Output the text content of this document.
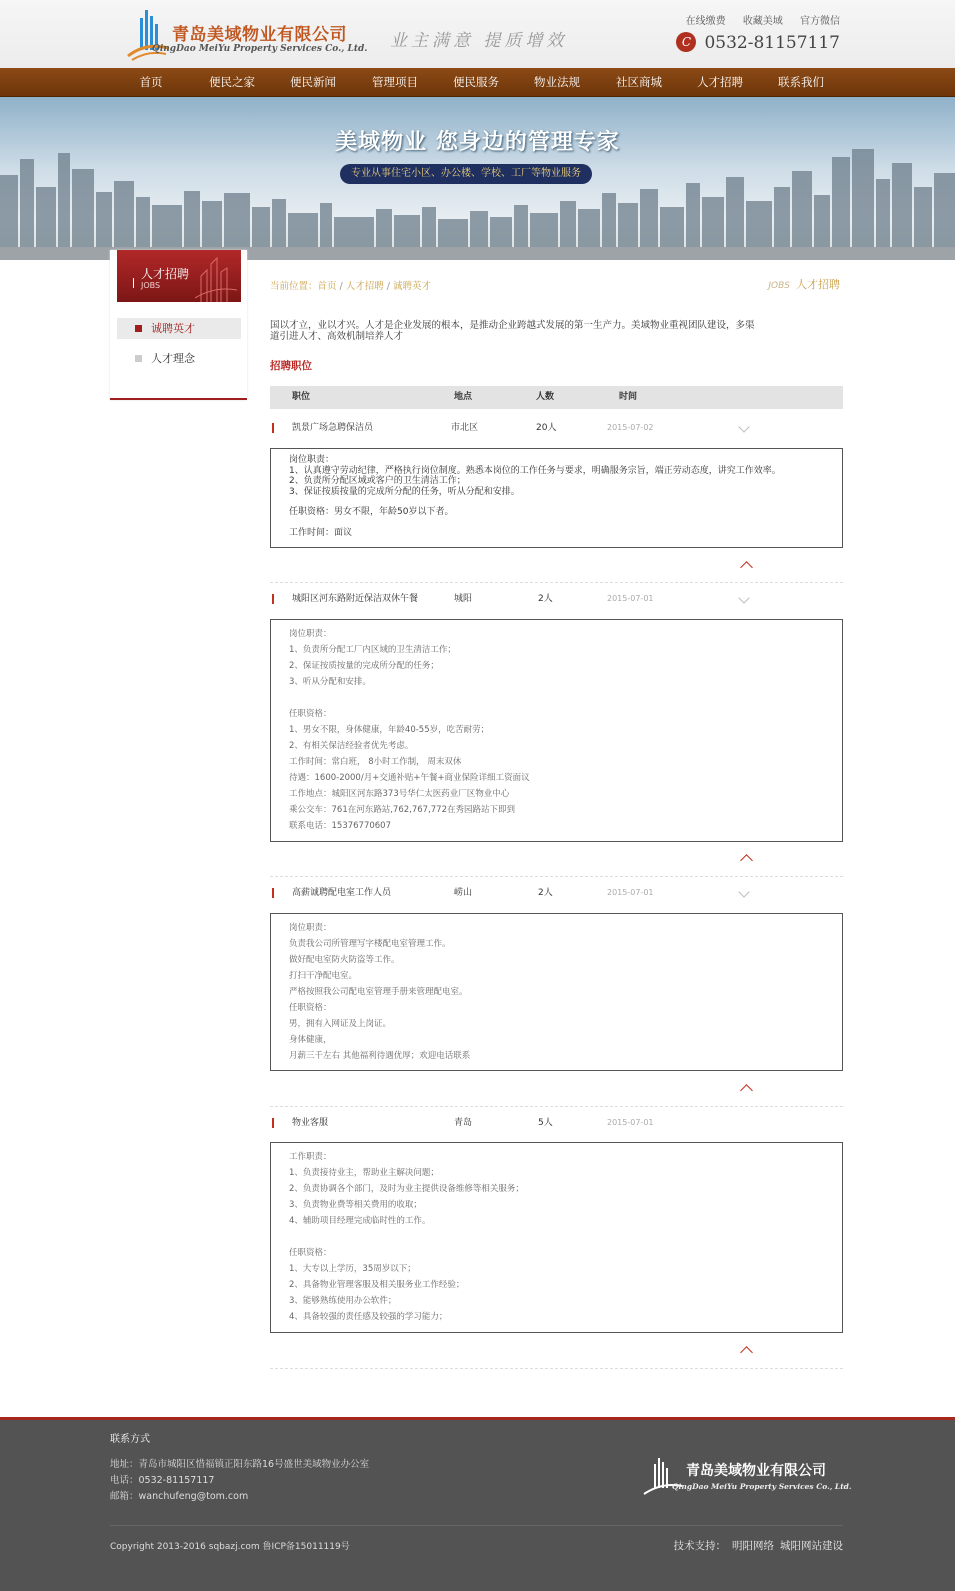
青岛美域物业有限公司
QingDao MeiYu Property Services Co., Ltd. 业主满意 提质增效
在线缴费 收藏美域 官方微信
C 0532-81157117
首页	便民之家	便民新闻	管理项目	便民服务	物业法规	社区商城	人才招聘	联系我们
美域物业 您身边的管理专家
专业从事住宅小区、办公楼、学校、工厂等物业服务
人才招聘
JOBS
诚聘英才
人才理念
当前位置：首页 / 人才招聘 / 诚聘英才	JOBS 人才招聘
国以才立，业以才兴。人才是企业发展的根本，是推动企业跨越式发展的第一生产力。美域物业重视团队建设，多渠道引进人才、高效机制培养人才
招聘职位
职位	地点	人数	时间
凯景广场急聘保洁员	市北区	20人	2015-07-02

岗位职责：

1、认真遵守劳动纪律，严格执行岗位制度。熟悉本岗位的工作任务与要求，明确服务宗旨，端正劳动态度，讲究工作效率。

2、负责所分配区域或客户的卫生清洁工作；

3、保证按质按量的完成所分配的任务，听从分配和安排。

任职资格：男女不限，年龄50岁以下者。

工作时间：面议

城阳区河东路附近保洁双休午餐	城阳	2人	2015-07-01

岗位职责：

1、负责所分配工厂内区域的卫生清洁工作；

2、保证按质按量的完成所分配的任务；

3、听从分配和安排。

任职资格：

1、男女不限，身体健康，年龄40-55岁，吃苦耐劳；

2、有相关保洁经验者优先考虑。

工作时间：常白班， 8小时工作制， 周末双休

待遇：1600-2000/月+交通补贴+午餐+商业保险详细工资面议

工作地点：城阳区河东路373号华仁太医药业厂区物业中心

乘公交车：761在河东路站,762,767,772在秀园路站下即到

联系电话：15376770607

高薪诚聘配电室工作人员	崂山	2人	2015-07-01

岗位职责：

负责我公司所管理写字楼配电室管理工作。

做好配电室防火防盗等工作。

打扫干净配电室。

严格按照我公司配电室管理手册来管理配电室。

任职资格：

男，拥有入网证及上岗证。

身体健康，

月薪三千左右 其他福利待遇优厚；欢迎电话联系

物业客服	青岛	5人	2015-07-01

工作职责：

1、负责接待业主，帮助业主解决问题；

2、负责协调各个部门，及时为业主提供设备维修等相关服务；

3、负责物业费等相关费用的收取；

4、辅助项目经理完成临时性的工作。

任职资格：

1、大专以上学历，35周岁以下；

2、具备物业管理客服及相关服务业工作经验；

3、能够熟练使用办公软件；

4、具备较强的责任感及较强的学习能力；

联系方式
地址：青岛市城阳区惜福镇正阳东路16号盛世美域物业办公室
电话：0532-81157117
邮箱：wanchufeng@tom.com
青岛美域物业有限公司
QingDao MeiYu Property Services Co., Ltd.
Copyright 2013-2016 sqbazj.com 鲁ICP备15011119号	技术支持： 明阳网络 城阳网站建设
